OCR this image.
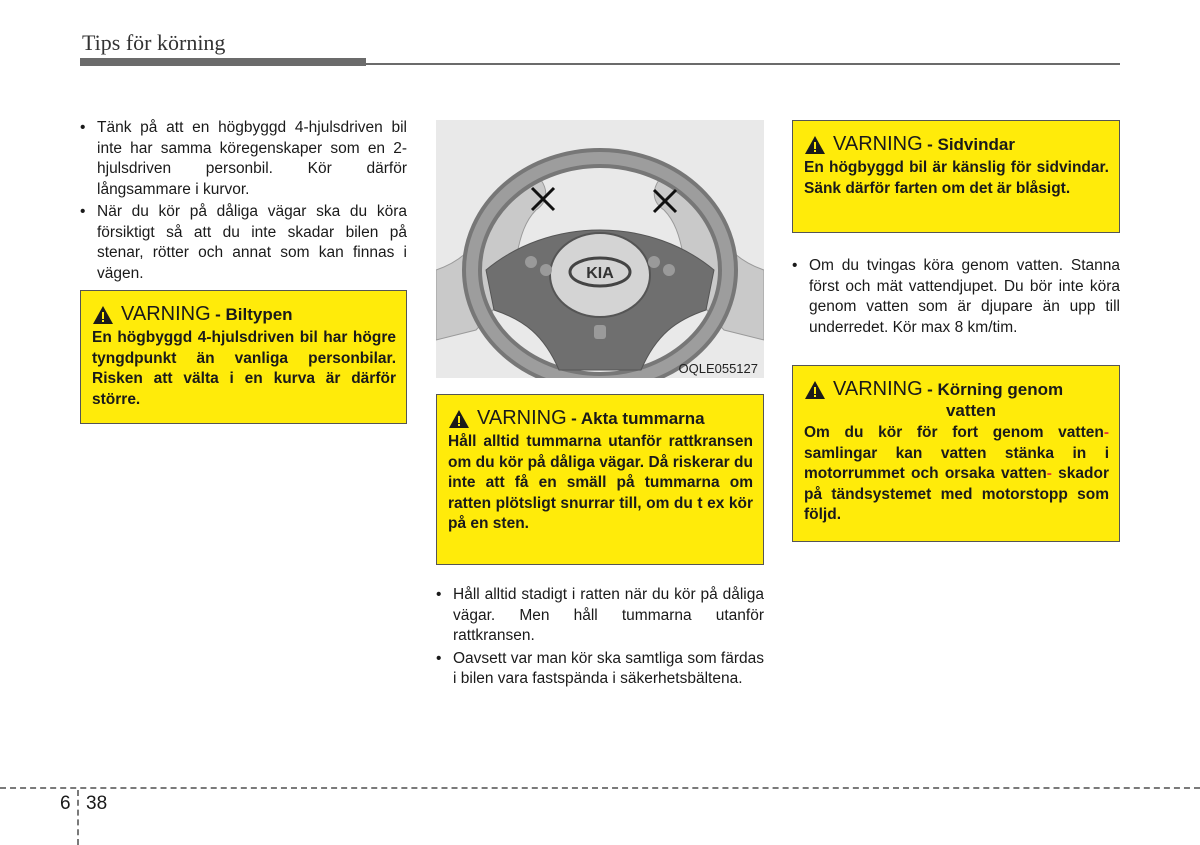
Tips för körning
• Tänk på att en högbyggd 4-hjulsdriven bil inte har samma köregenskaper som en 2-hjulsdriven personbil. Kör därför långsammare i kurvor.
• När du kör på dåliga vägar ska du köra försiktigt så att du inte skadar bilen på stenar, rötter och annat som kan finnas i vägen.
VARNING - Biltypen
En högbyggd 4-hjulsdriven bil har högre tyngdpunkt än vanliga personbilar. Risken att välta i en kurva är därför större.
KIA
OQLE055127
VARNING - Akta tummarna
Håll alltid tummarna utanför rattkransen om du kör på dåliga vägar. Då riskerar du inte att få en smäll på tummarna om ratten plötsligt snurrar till, om du t ex kör på en sten.
• Håll alltid stadigt i ratten när du kör på dåliga vägar. Men håll tummarna utanför rattkransen.
• Oavsett var man kör ska samtliga som färdas i bilen vara fastspända i säkerhetsbältena.
VARNING - Sidvindar
En högbyggd bil är känslig för sidvindar. Sänk därför farten om det är blåsigt.
• Om du tvingas köra genom vatten. Stanna först och mät vattendjupet. Du bör inte köra genom vatten som är djupare än upp till underredet. Kör max 8 km/tim.
VARNING - Körning genom
vatten
Om du kör för fort genom vatten- samlingar kan vatten stänka in i motorrummet och orsaka vatten- skador på tändsystemet med motorstopp som följd.
6 38
